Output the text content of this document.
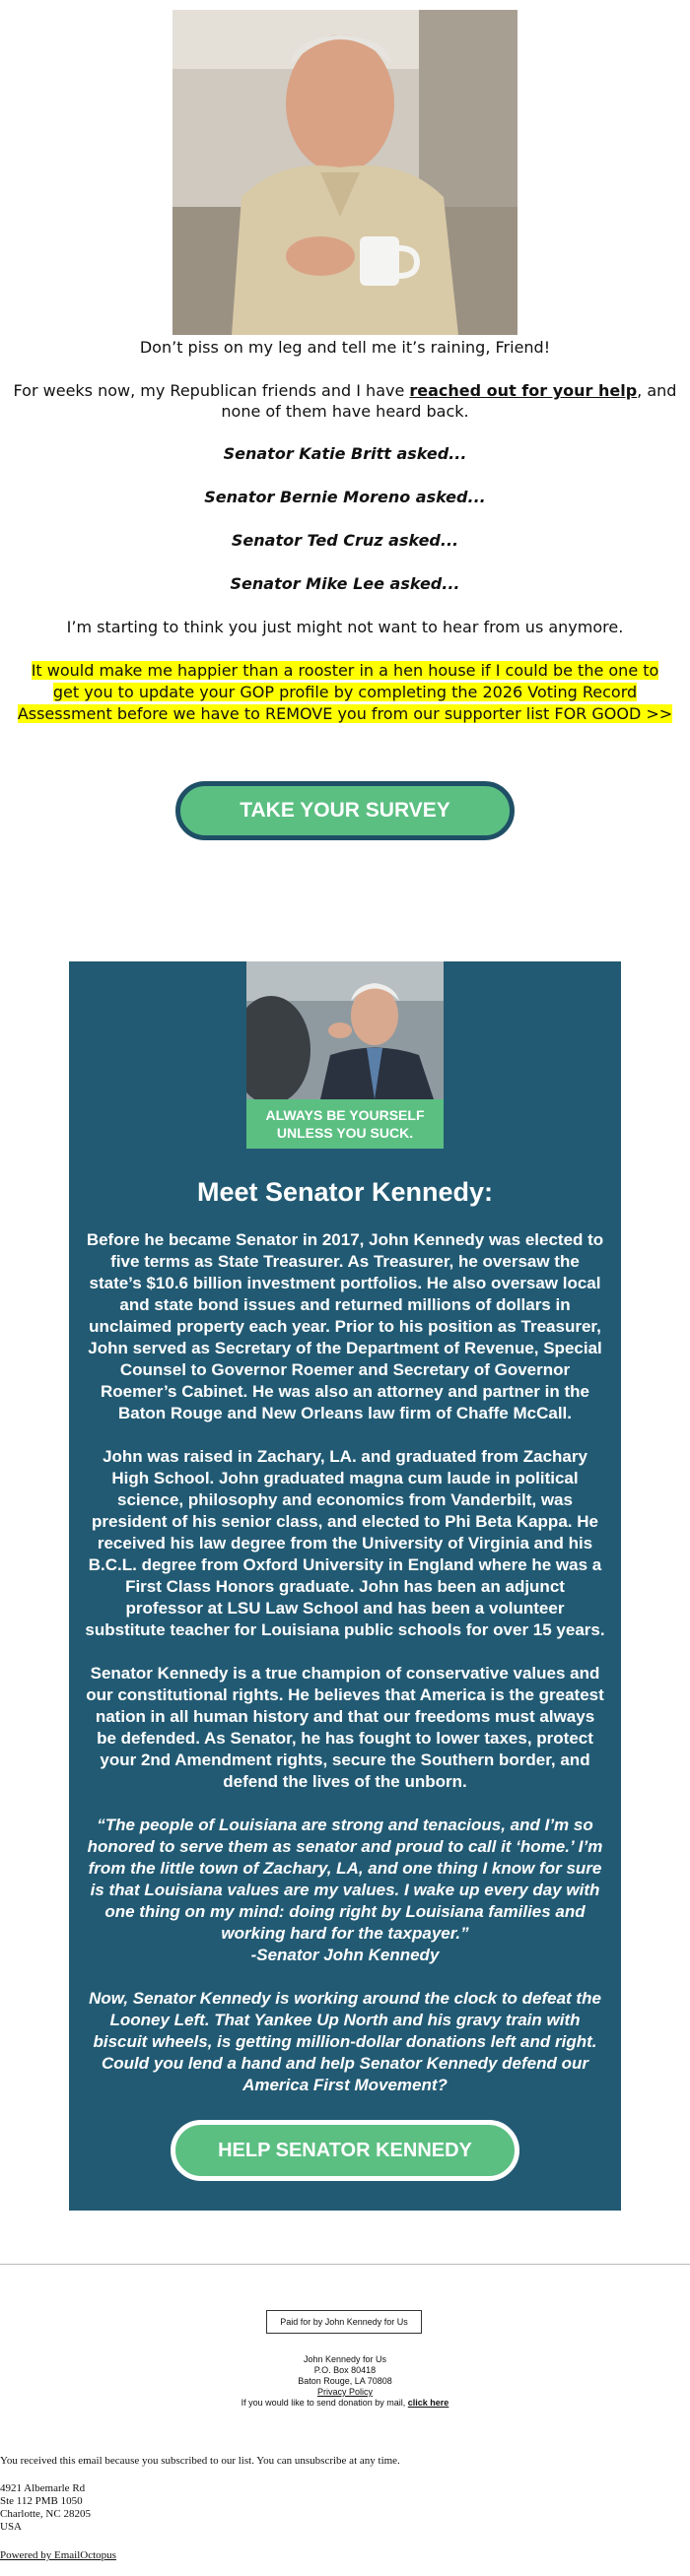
Don’t piss on my leg and tell me it’s raining, Friend!
For weeks now, my Republican friends and I have reached out for your help, and
none of them have heard back.
Senator Katie Britt asked...
Senator Bernie Moreno asked...
Senator Ted Cruz asked...
Senator Mike Lee asked...
I’m starting to think you just might not want to hear from us anymore.
It would make me happier than a rooster in a hen house if I could be the one to
get you to update your GOP profile by completing the 2026 Voting Record
Assessment before we have to REMOVE you from our supporter list FOR GOOD >>
TAKE YOUR SURVEY
ALWAYS BE YOURSELF
UNLESS YOU SUCK.
Meet Senator Kennedy:
Before he became Senator in 2017, John Kennedy was elected to
five terms as State Treasurer. As Treasurer, he oversaw the
state’s $10.6 billion investment portfolios. He also oversaw local
and state bond issues and returned millions of dollars in
unclaimed property each year. Prior to his position as Treasurer,
John served as Secretary of the Department of Revenue, Special
Counsel to Governor Roemer and Secretary of Governor
Roemer’s Cabinet. He was also an attorney and partner in the
Baton Rouge and New Orleans law firm of Chaffe McCall.
John was raised in Zachary, LA. and graduated from Zachary
High School. John graduated magna cum laude in political
science, philosophy and economics from Vanderbilt, was
president of his senior class, and elected to Phi Beta Kappa. He
received his law degree from the University of Virginia and his
B.C.L. degree from Oxford University in England where he was a
First Class Honors graduate. John has been an adjunct
professor at LSU Law School and has been a volunteer
substitute teacher for Louisiana public schools for over 15 years.
Senator Kennedy is a true champion of conservative values and
our constitutional rights. He believes that America is the greatest
nation in all human history and that our freedoms must always
be defended. As Senator, he has fought to lower taxes, protect
your 2nd Amendment rights, secure the Southern border, and
defend the lives of the unborn.
“The people of Louisiana are strong and tenacious, and I’m so
honored to serve them as senator and proud to call it ‘home.’ I’m
from the little town of Zachary, LA, and one thing I know for sure
is that Louisiana values are my values. I wake up every day with
one thing on my mind: doing right by Louisiana families and
working hard for the taxpayer.”
-Senator John Kennedy
Now, Senator Kennedy is working around the clock to defeat the
Looney Left. That Yankee Up North and his gravy train with
biscuit wheels, is getting million-dollar donations left and right.
Could you lend a hand and help Senator Kennedy defend our
America First Movement?
HELP SENATOR KENNEDY
Paid for by John Kennedy for Us
John Kennedy for Us
P.O. Box 80418
Baton Rouge, LA 70808
Privacy Policy
If you would like to send donation by mail, click here
You received this email because you subscribed to our list. You can unsubscribe at any time.
4921 Albemarle Rd
Ste 112 PMB 1050
Charlotte, NC 28205
USA
Powered by EmailOctopus
